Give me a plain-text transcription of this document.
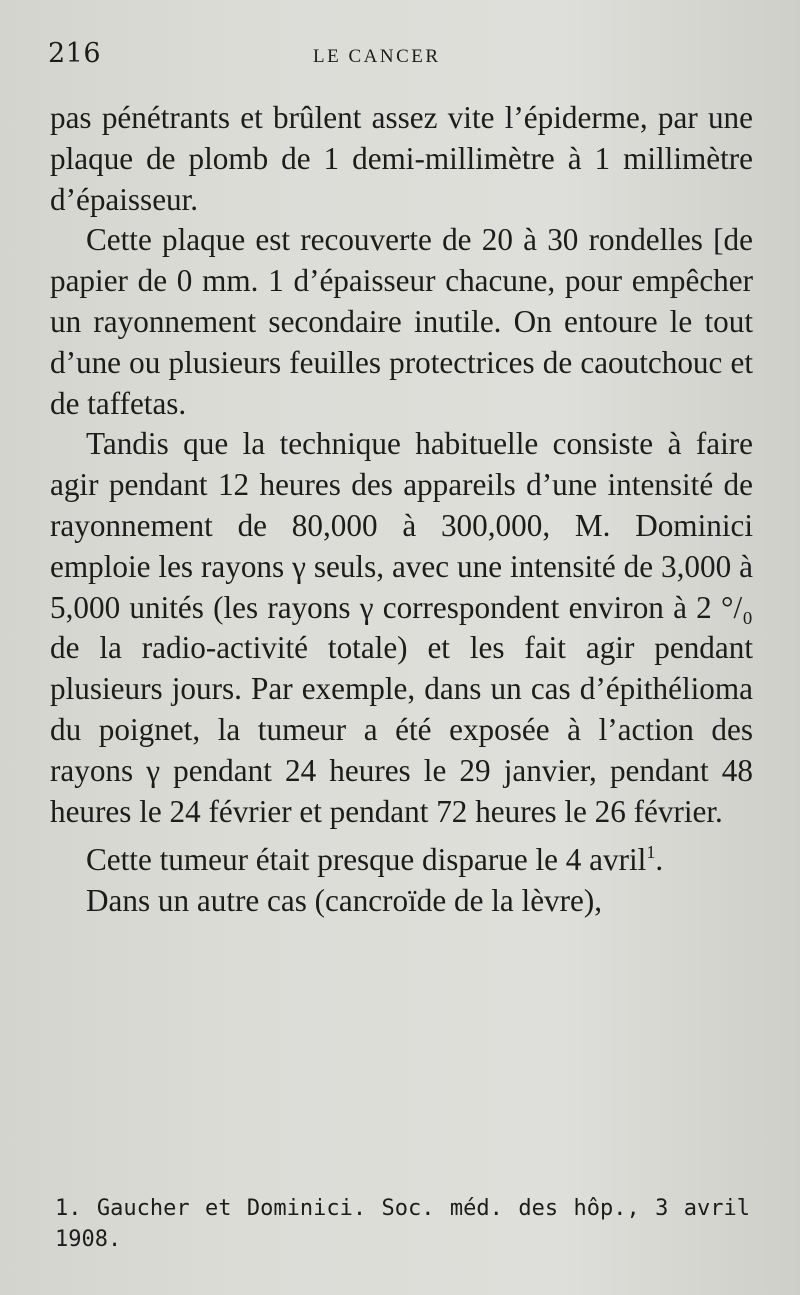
216	LE CANCER

pas pénétrants et brûlent assez vite l’épiderme, par une plaque de plomb de 1 demi-millimètre à 1 millimètre d’épaisseur.

Cette plaque est recouverte de 20 à 30 rondelles [de papier de 0 mm. 1 d’épaisseur chacune, pour empêcher un rayonnement secondaire inutile. On entoure le tout d’une ou plusieurs feuilles protectrices de caoutchouc et de taffetas.

Tandis que la technique habituelle consiste à faire agir pendant 12 heures des appareils d’une intensité de rayonnement de 80,000 à 300,000, M. Dominici emploie les rayons γ seuls, avec une intensité de 3,000 à 5,000 unités (les rayons γ correspondent environ à 2 °/₀ de la radio-activité totale) et les fait agir pendant plusieurs jours. Par exemple, dans un cas d’épithélioma du poignet, la tumeur a été exposée à l’action des rayons γ pendant 24 heures le 29 janvier, pendant 48 heures le 24 février et pendant 72 heures le 26 février.

Cette tumeur était presque disparue le 4 avril$^1$.

Dans un autre cas (cancroïde de la lèvre),

1. Gaucher et Dominici. Soc. méd. des hôp., 3 avril 1908.
